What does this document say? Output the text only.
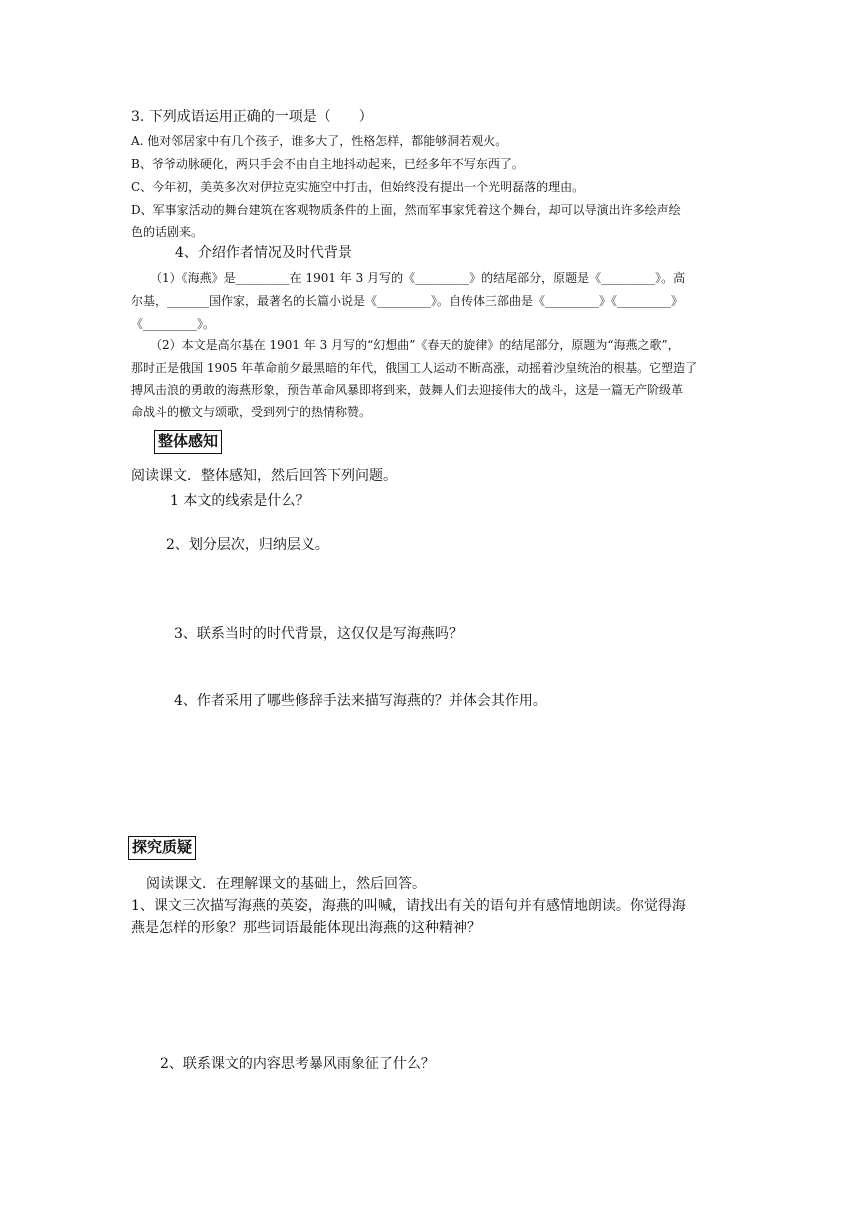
3. 下列成语运用正确的一项是（　　）
A. 他对邻居家中有几个孩子，谁多大了，性格怎样，都能够洞若观火。
B、爷爷动脉硬化，两只手会不由自主地抖动起来，已经多年不写东西了。
C、今年初，美英多次对伊拉克实施空中打击，但始终没有提出一个光明磊落的理由。
D、军事家活动的舞台建筑在客观物质条件的上面，然而军事家凭着这个舞台，却可以导演出许多绘声绘
色的话剧来。
4、介绍作者情况及时代背景
（1）《海燕》是_________在 1901 年 3 月写的《_________》的结尾部分，原题是《_________》。高
尔基，_______国作家，最著名的长篇小说是《_________》。自传体三部曲是《_________》《_________》
《_________》。
（2）本文是高尔基在 1901 年 3 月写的“幻想曲”《春天的旋律》的结尾部分，原题为“海燕之歌”，
那时正是俄国 1905 年革命前夕最黑暗的年代，俄国工人运动不断高涨，动摇着沙皇统治的根基。它塑造了
搏风击浪的勇敢的海燕形象，预告革命风暴即将到来，鼓舞人们去迎接伟大的战斗，这是一篇无产阶级革
命战斗的檄文与颂歌，受到列宁的热情称赞。
整体感知
阅读课文．整体感知，然后回答下列问题。
1 本文的线索是什么？
2、划分层次，归纳层义。
3、联系当时的时代背景，这仅仅是写海燕吗？
4、作者采用了哪些修辞手法来描写海燕的？并体会其作用。
探究质疑
阅读课文．在理解课文的基础上，然后回答。
1、课文三次描写海燕的英姿，海燕的叫喊，请找出有关的语句并有感情地朗读。你觉得海
燕是怎样的形象？那些词语最能体现出海燕的这种精神？
2、联系课文的内容思考暴风雨象征了什么？
